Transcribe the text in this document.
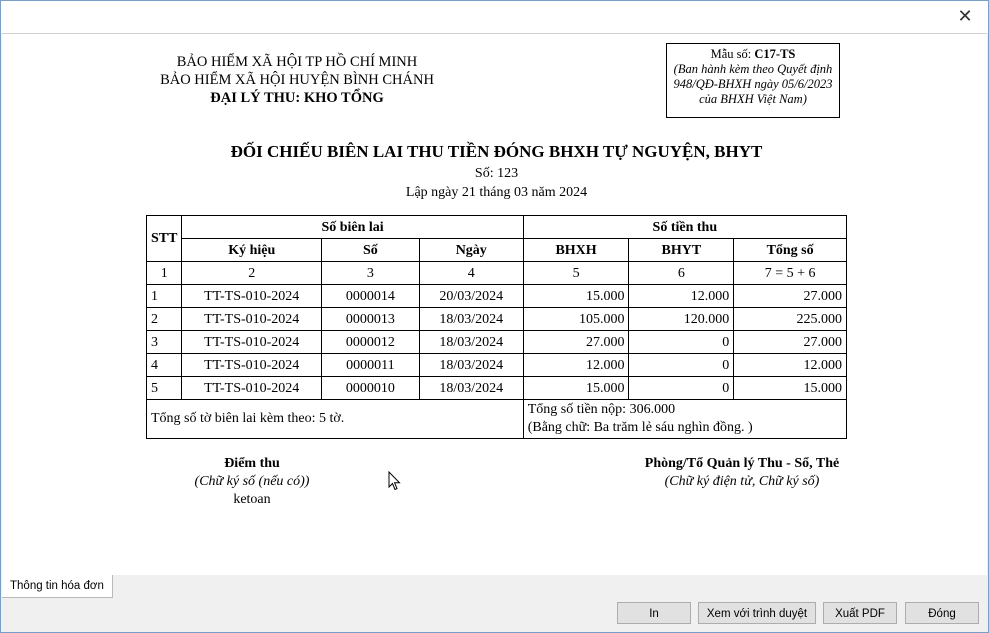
✕
BẢO HIỂM XÃ HỘI TP HỒ CHÍ MINH
BẢO HIỂM XÃ HỘI HUYỆN BÌNH CHÁNH
ĐẠI LÝ THU: KHO TỔNG
Mẫu số: C17-TS
(Ban hành kèm theo Quyết định
948/QĐ-BHXH ngày 05/6/2023
của BHXH Việt Nam)
ĐỐI CHIẾU BIÊN LAI THU TIỀN ĐÓNG BHXH TỰ NGUYỆN, BHYT
Số: 123
Lập ngày 21 tháng 03 năm 2024
STT	Số biên lai			Số tiền thu		
	Ký hiệu	Số	Ngày	BHXH	BHYT	Tổng số
1	2	3	4	5	6	7 = 5 + 6
1	TT-TS-010-2024	0000014	20/03/2024	15.000	12.000	27.000
2	TT-TS-010-2024	0000013	18/03/2024	105.000	120.000	225.000
3	TT-TS-010-2024	0000012	18/03/2024	27.000	0	27.000
4	TT-TS-010-2024	0000011	18/03/2024	12.000	0	12.000
5	TT-TS-010-2024	0000010	18/03/2024	15.000	0	15.000
Tổng số tờ biên lai kèm theo: 5 tờ.				Tổng số tiền nộp: 306.000
(Bằng chữ: Ba trăm lẻ sáu nghìn đồng. )		
Điểm thu
(Chữ ký số (nếu có))
ketoan
Phòng/Tổ Quản lý Thu - Sổ, Thẻ
(Chữ ký điện tử, Chữ ký số)
Thông tin hóa đơn
In	Xem với trình duyệt	Xuất PDF	Đóng
